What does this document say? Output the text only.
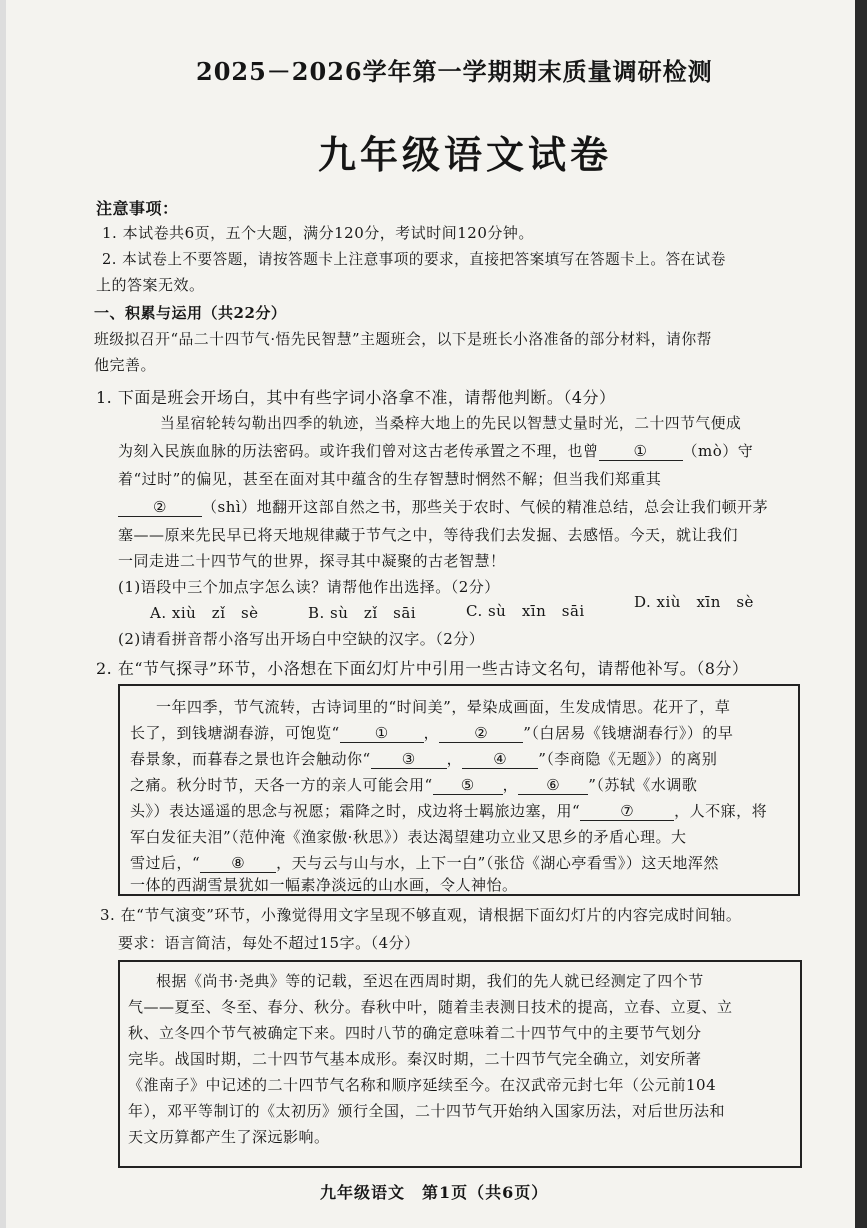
2025－2026学年第一学期期末质量调研检测
九年级语文试卷
注意事项：
1. 本试卷共6页，五个大题，满分120分，考试时间120分钟。
2. 本试卷上不要答题，请按答题卡上注意事项的要求，直接把答案填写在答题卡上。答在试卷
上的答案无效。
一、积累与运用（共22分）
班级拟召开“品二十四节气·悟先民智慧”主题班会，以下是班长小洛准备的部分材料，请你帮
他完善。
1. 下面是班会开场白，其中有些字词小洛拿不准，请帮他判断。（4分）
当星宿轮转勾勒出四季的轨迹，当桑梓大地上的先民以智慧丈量时光，二十四节气便成
为刻入民族血脉的历法密码。或许我们曾对这古老传承置之不理，也曾 ① （mò）守
着“过时”的偏见，甚至在面对其中蕴含的生存智慧时惘然不解；但当我们郑重其
② （shì）地翻开这部自然之书，那些关于农时、气候的精准总结，总会让我们顿开茅
塞——原来先民早已将天地规律藏于节气之中，等待我们去发掘、去感悟。今天，就让我们
一同走进二十四节气的世界，探寻其中凝聚的古老智慧！
(1)语段中三个加点字怎么读？请帮他作出选择。（2分）
A. xiù　zǐ　sè	B. sù　zǐ　sāi	C. sù　xīn　sāi	D. xiù　xīn　sè
(2)请看拼音帮小洛写出开场白中空缺的汉字。（2分）
2. 在“节气探寻”环节，小洛想在下面幻灯片中引用一些古诗文名句，请帮他补写。（8分）
一年四季，节气流转，古诗词里的“时间美”，晕染成画面，生发成情思。花开了，草
长了，到钱塘湖春游，可饱览“ ① ， ② ”（白居易《钱塘湖春行》）的早
春景象，而暮春之景也许会触动你“ ③ ， ④ ”（李商隐《无题》）的离别
之痛。秋分时节，天各一方的亲人可能会用“ ⑤ ， ⑥ ”（苏轼《水调歌
头》）表达遥遥的思念与祝愿；霜降之时，戍边将士羁旅边塞，用“	⑦	，人不寐，将
军白发征夫泪”（范仲淹《渔家傲·秋思》）表达渴望建功立业又思乡的矛盾心理。大
雪过后，“ ⑧ ，天与云与山与水，上下一白”（张岱《湖心亭看雪》）这天地浑然
一体的西湖雪景犹如一幅素净淡远的山水画，令人神怡。
3. 在“节气演变”环节，小豫觉得用文字呈现不够直观，请根据下面幻灯片的内容完成时间轴。
要求：语言简洁，每处不超过15字。（4分）
根据《尚书·尧典》等的记载，至迟在西周时期，我们的先人就已经测定了四个节
气——夏至、冬至、春分、秋分。春秋中叶，随着圭表测日技术的提高，立春、立夏、立
秋、立冬四个节气被确定下来。四时八节的确定意味着二十四节气中的主要节气划分
完毕。战国时期，二十四节气基本成形。秦汉时期，二十四节气完全确立，刘安所著
《淮南子》中记述的二十四节气名称和顺序延续至今。在汉武帝元封七年（公元前104
年），邓平等制订的《太初历》颁行全国，二十四节气开始纳入国家历法，对后世历法和
天文历算都产生了深远影响。
九年级语文　第1页（共6页）
